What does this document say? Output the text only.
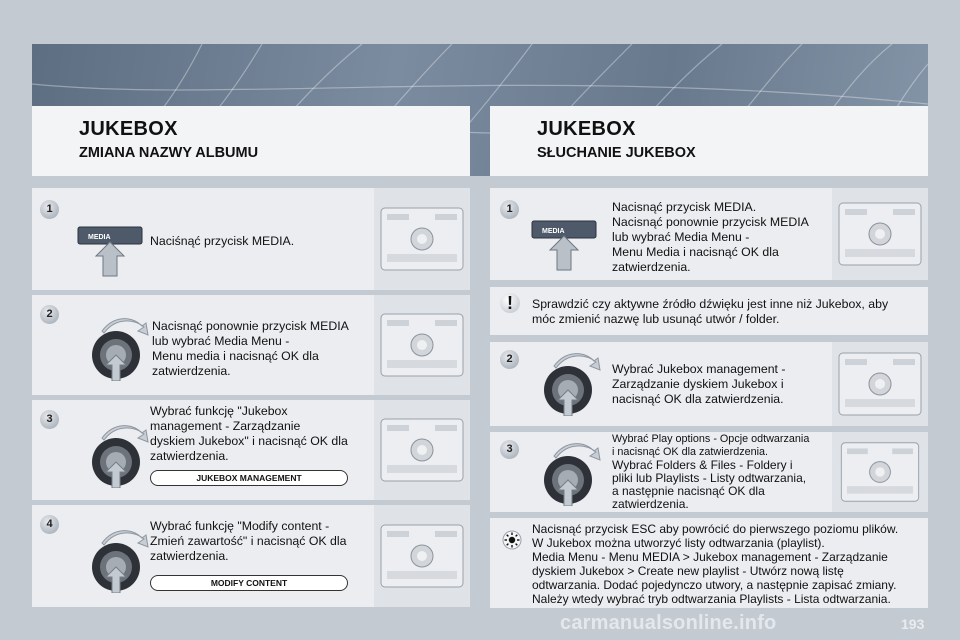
JUKEBOX
ZMIANA NAZWY ALBUMU
JUKEBOX
SŁUCHANIE JUKEBOX
1
MEDIA	Naciśnąć przycisk MEDIA.
2
Nacisnąć ponownie przycisk MEDIA
lub wybrać Media Menu -
Menu media i nacisnąć OK dla
zatwierdzenia.
3
Wybrać funkcję "Jukebox
management - Zarządzanie
dyskiem Jukebox" i nacisnąć OK dla
zatwierdzenia.
JUKEBOX MANAGEMENT
4	Wybrać funkcję "Modify content -
Zmień zawartość" i nacisnąć OK dla
zatwierdzenia.
MODIFY CONTENT
1
MEDIA
Nacisnąć przycisk MEDIA.
Nacisnąć ponownie przycisk MEDIA
lub wybrać Media Menu -
Menu Media i nacisnąć OK dla
zatwierdzenia.

!	Sprawdzić czy aktywne źródło dźwięku jest inne niż Jukebox, aby
móc zmienić nazwę lub usunąć utwór / folder.

2
Wybrać Jukebox management -
Zarządzanie dyskiem Jukebox i
nacisnąć OK dla zatwierdzenia.
3
Wybrać Play options - Opcje odtwarzania
i nacisnąć OK dla zatwierdzenia.
Wybrać Folders & Files - Foldery i
pliki lub Playlists - Listy odtwarzania,
a następnie nacisnąć OK dla
zatwierdzenia.

Nacisnąć przycisk ESC aby powrócić do pierwszego poziomu plików.
W Jukebox można utworzyć listy odtwarzania (playlist).
Media Menu - Menu MEDIA > Jukebox management - Zarządzanie
dyskiem Jukebox > Create new playlist - Utwórz nową listę
odtwarzania. Dodać pojedynczo utwory, a następnie zapisać zmiany.
Należy wtedy wybrać tryb odtwarzania Playlists - Lista odtwarzania.

carmanualsonline.info	193
